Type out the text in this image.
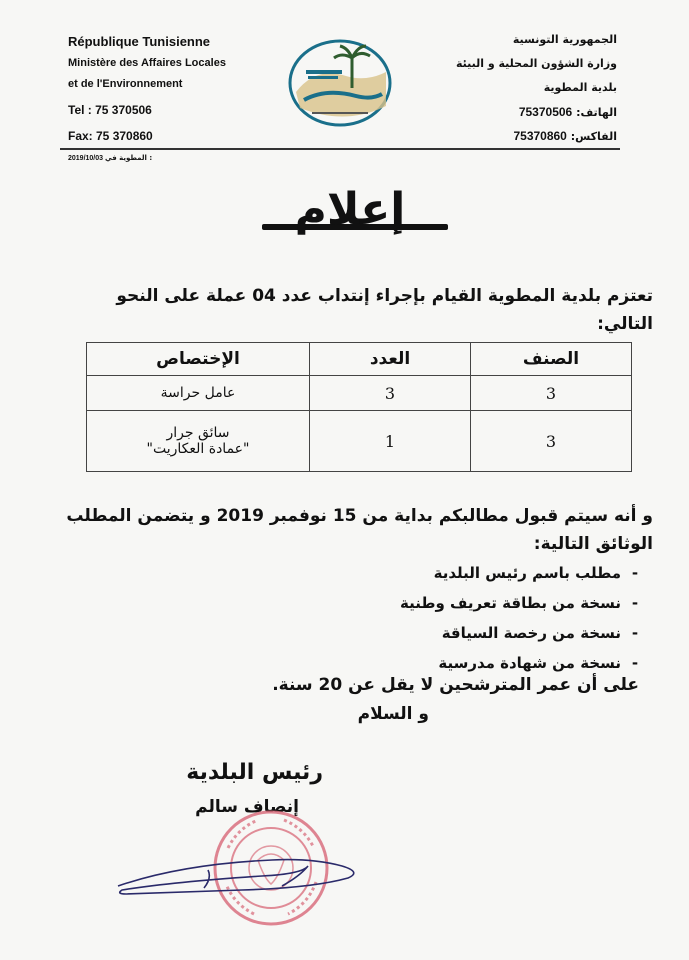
République Tunisienne
Ministère des Affaires Locales
et de l'Environnement
Tel : 75 370506
Fax: 75 370860
الجمهورية التونسية
وزارة الشؤون المحلية و البيئة
بلدية المطوية
الهاتف: 75370506
الفاكس: 75370860
2019/10/03 المطوية في :
إعلام
تعتزم بلدية المطوية القيام بإجراء إنتداب عدد 04 عملة على النحو
التالي:
الصنف	العدد	الإختصاص
3	3	عامل حراسة

3	1	سائق جرار
"عمادة العكاريت"
و أنه سيتم قبول مطالبكم بداية من 15 نوفمبر 2019 و يتضمن المطلب
الوثائق التالية:
-مطلب باسم رئيس البلدية
-نسخة من بطاقة تعريف وطنية
-نسخة من رخصة السياقة
-نسخة من شهادة مدرسية
على أن عمر المترشحين لا يقل عن 20 سنة.
و السلام
رئيس البلدية
إنصاف سالم
